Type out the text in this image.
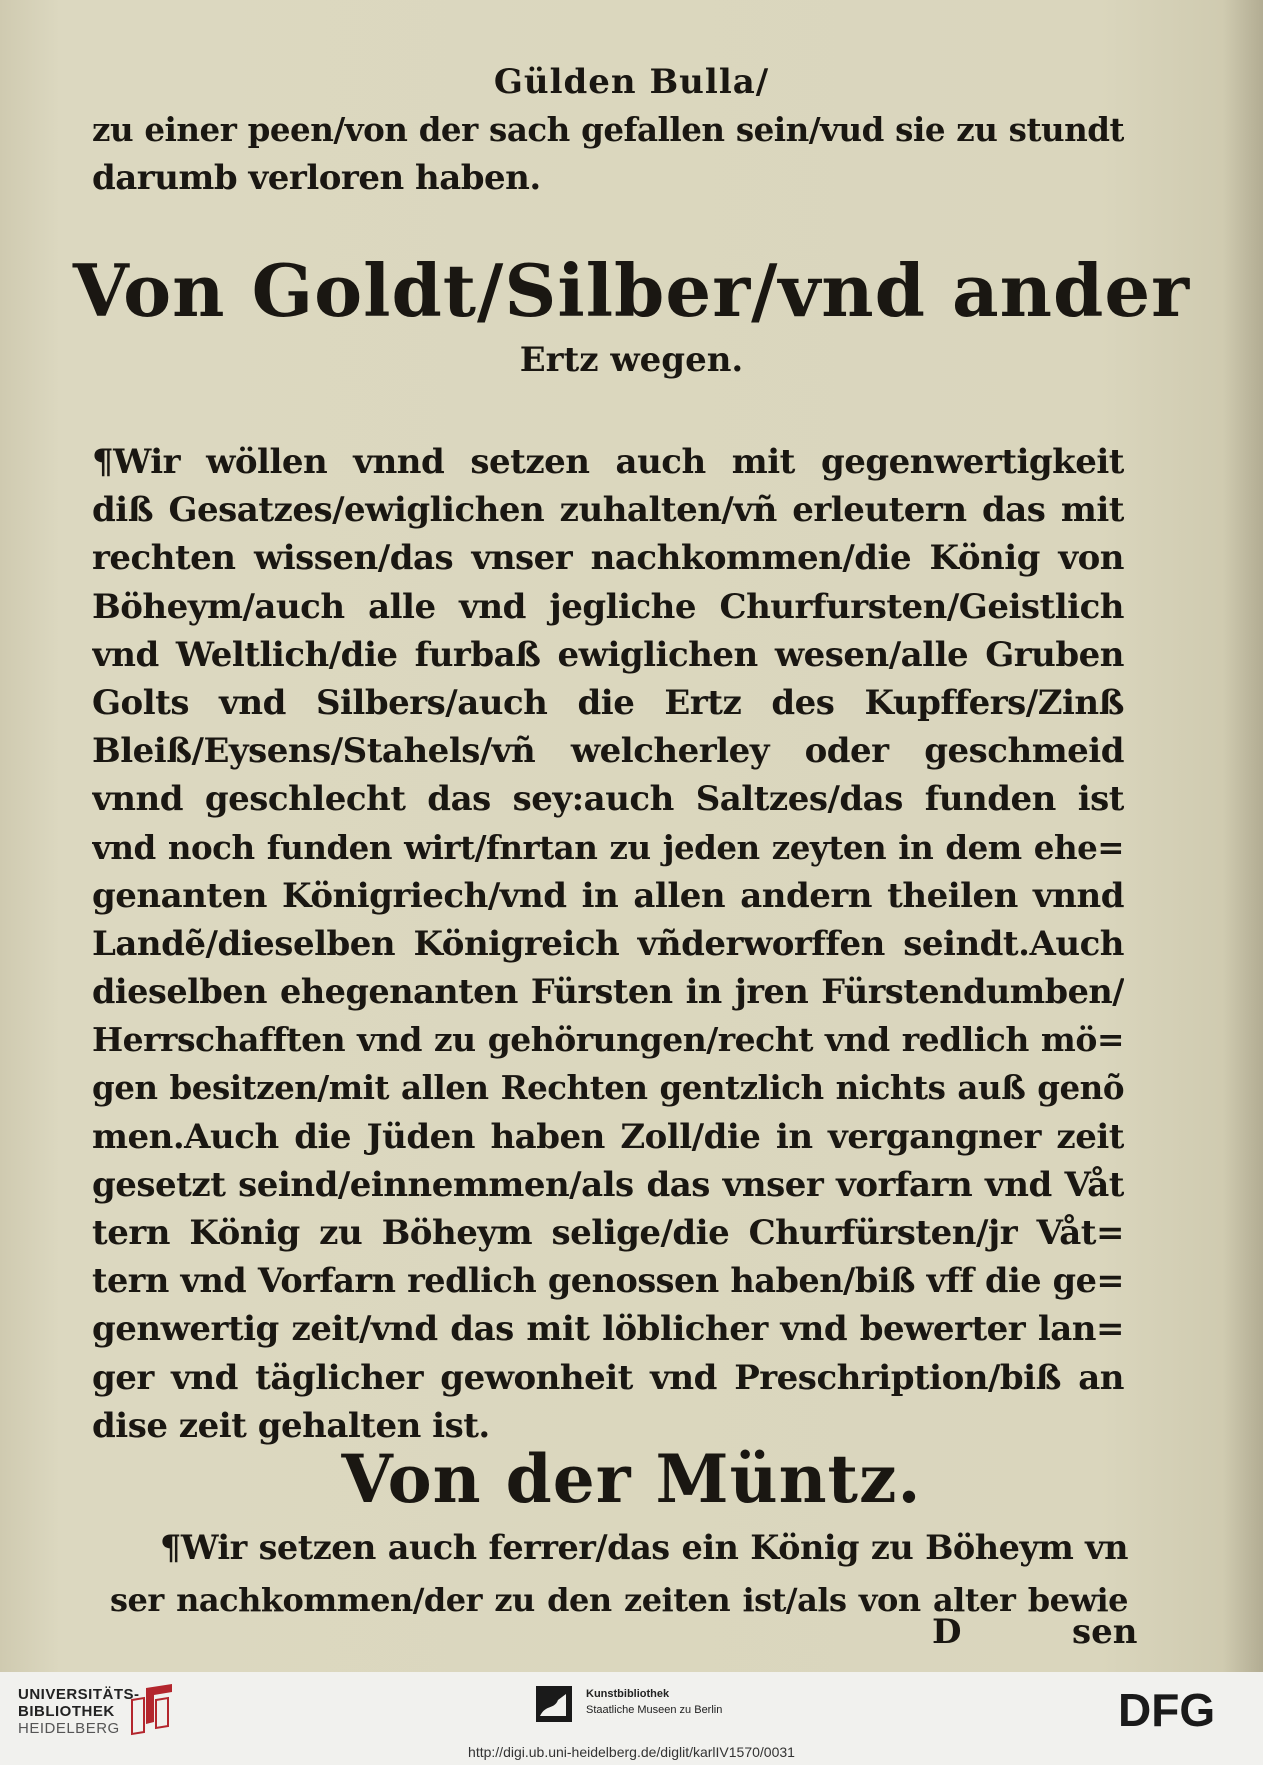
Gülden Bulla/
zu einer peen/von der sach gefallen sein/vud sie zu stundt
darumb verloren haben.
Von Goldt/Silber/vnd ander
Ertz wegen.
¶Wir wöllen vnnd setzen auch mit gegenwertigkeit
diß Gesatzes/ewiglichen zuhalten/vñ erleutern das mit
rechten wissen/das vnser nachkommen/die König von
Böheym/auch alle vnd jegliche Churfursten/Geistlich
vnd Weltlich/die furbaß ewiglichen wesen/alle Gruben
Golts vnd Silbers/auch die Ertz des Kupffers/Zinß
Bleiß/Eysens/Stahels/vñ welcherley oder geschmeid
vnnd geschlecht das sey:auch Saltzes/das funden ist
vnd noch funden wirt/fnrtan zu jeden zeyten in dem ehe=
genanten Königriech/vnd in allen andern theilen vnnd
Landẽ/dieselben Königreich vñderworffen seindt.Auch
dieselben ehegenanten Fürsten in jren Fürstendumben/
Herrschafften vnd zu gehörungen/recht vnd redlich mö=
gen besitzen/mit allen Rechten gentzlich nichts auß genõ
men.Auch die Jüden haben Zoll/die in vergangner zeit
gesetzt seind/einnemmen/als das vnser vorfarn vnd Våt
tern König zu Böheym selige/die Churfürsten/jr Våt=
tern vnd Vorfarn redlich genossen haben/biß vff die ge=
genwertig zeit/vnd das mit löblicher vnd bewerter lan=
ger vnd täglicher gewonheit vnd Preschription/biß an
dise zeit gehalten ist.
Von der Müntz.
¶Wir setzen auch ferrer/das ein König zu Böheym vn
ser nachkommen/der zu den zeiten ist/als von alter bewie
D	sen
UNIVERSITÄTS-
BIBLIOTHEK
HEIDELBERG
Kunstbibliothek
Staatliche Museen zu Berlin	DFG
http://digi.ub.uni-heidelberg.de/diglit/karlIV1570/0031
